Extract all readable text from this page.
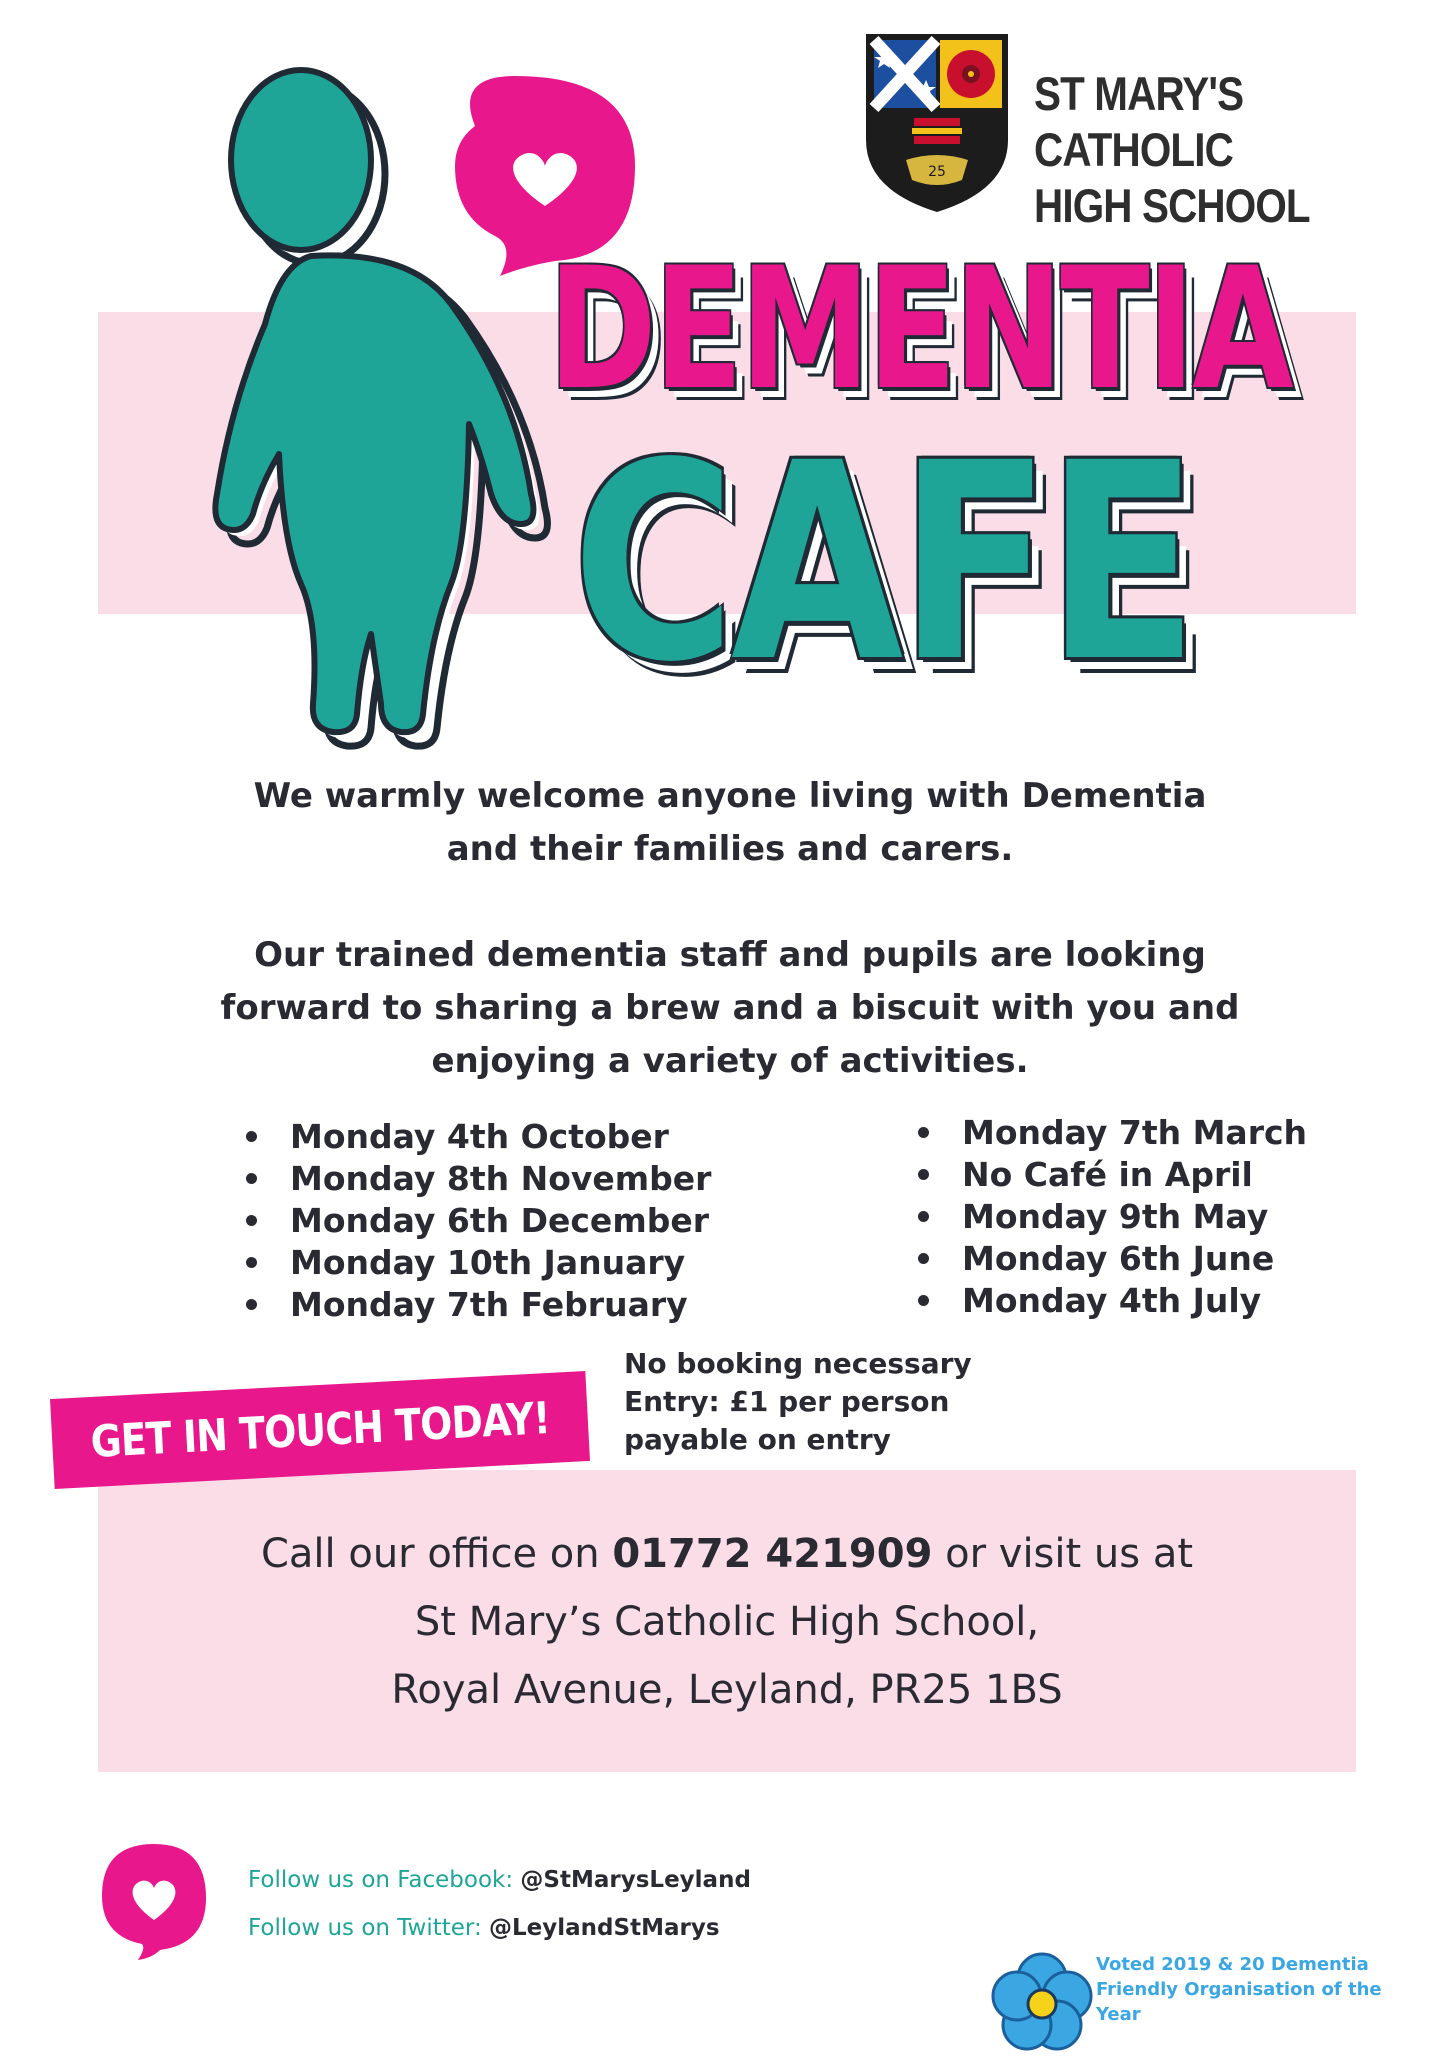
25
ST MARY'S CATHOLIC
HIGH SCHOOL
DEMENTIA
CAFE

We warmly welcome anyone living with Dementia

and their families and carers.

Our trained dementia staff and pupils are looking

forward to sharing a brew and a biscuit with you and

enjoying a variety of activities.

Monday 4th October
Monday 8th November
Monday 6th December
Monday 10th January
Monday 7th February
Monday 7th March
No Café in April
Monday 9th May
Monday 6th June
Monday 4th July
No booking necessary
Entry: £1 per person
payable on entry
GET IN TOUCH TODAY!

Call our office on 01772 421909 or visit us at

St Mary’s Catholic High School,

Royal Avenue, Leyland, PR25 1BS

Follow us on Facebook: @StMarysLeyland
Follow us on Twitter: @LeylandStMarys
Voted 2019 & 20 Dementia Friendly Organisation of the Year
